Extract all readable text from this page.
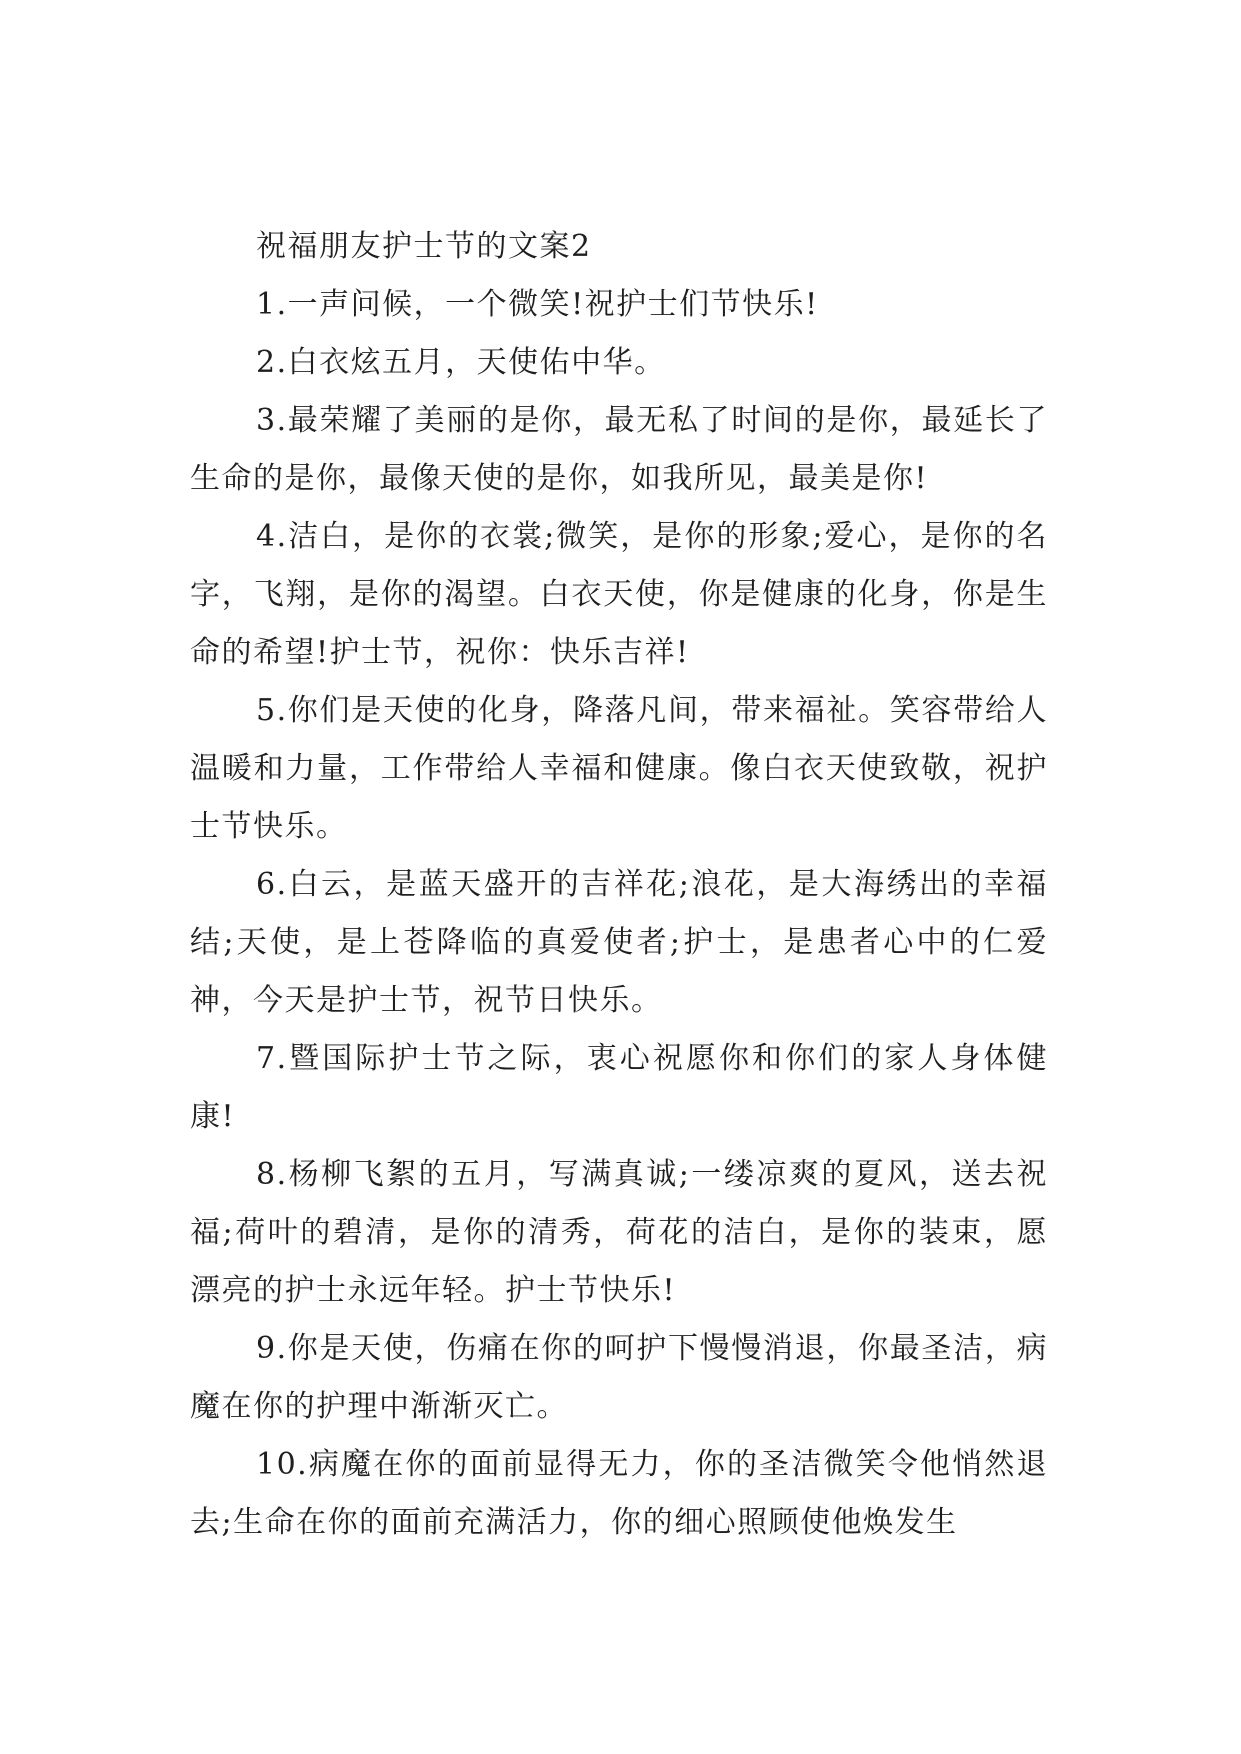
祝福朋友护士节的文案2

1.一声问候，一个微笑!祝护士们节快乐!

2.白衣炫五月，天使佑中华。

3.最荣耀了美丽的是你，最无私了时间的是你，最延长了生命的是你，最像天使的是你，如我所见，最美是你!

4.洁白，是你的衣裳;微笑，是你的形象;爱心，是你的名字，飞翔，是你的渴望。白衣天使，你是健康的化身，你是生命的希望!护士节，祝你：快乐吉祥!

5.你们是天使的化身，降落凡间，带来福祉。笑容带给人温暖和力量，工作带给人幸福和健康。像白衣天使致敬，祝护士节快乐。

6.白云，是蓝天盛开的吉祥花;浪花，是大海绣出的幸福结;天使，是上苍降临的真爱使者;护士，是患者心中的仁爱神，今天是护士节，祝节日快乐。

7.暨国际护士节之际，衷心祝愿你和你们的家人身体健康!

8.杨柳飞絮的五月，写满真诚;一缕凉爽的夏风，送去祝福;荷叶的碧清，是你的清秀，荷花的洁白，是你的装束，愿漂亮的护士永远年轻。护士节快乐!

9.你是天使，伤痛在你的呵护下慢慢消退，你最圣洁，病魔在你的护理中渐渐灭亡。

10.病魔在你的面前显得无力，你的圣洁微笑令他悄然退去;生命在你的面前充满活力，你的细心照顾使他焕发生
